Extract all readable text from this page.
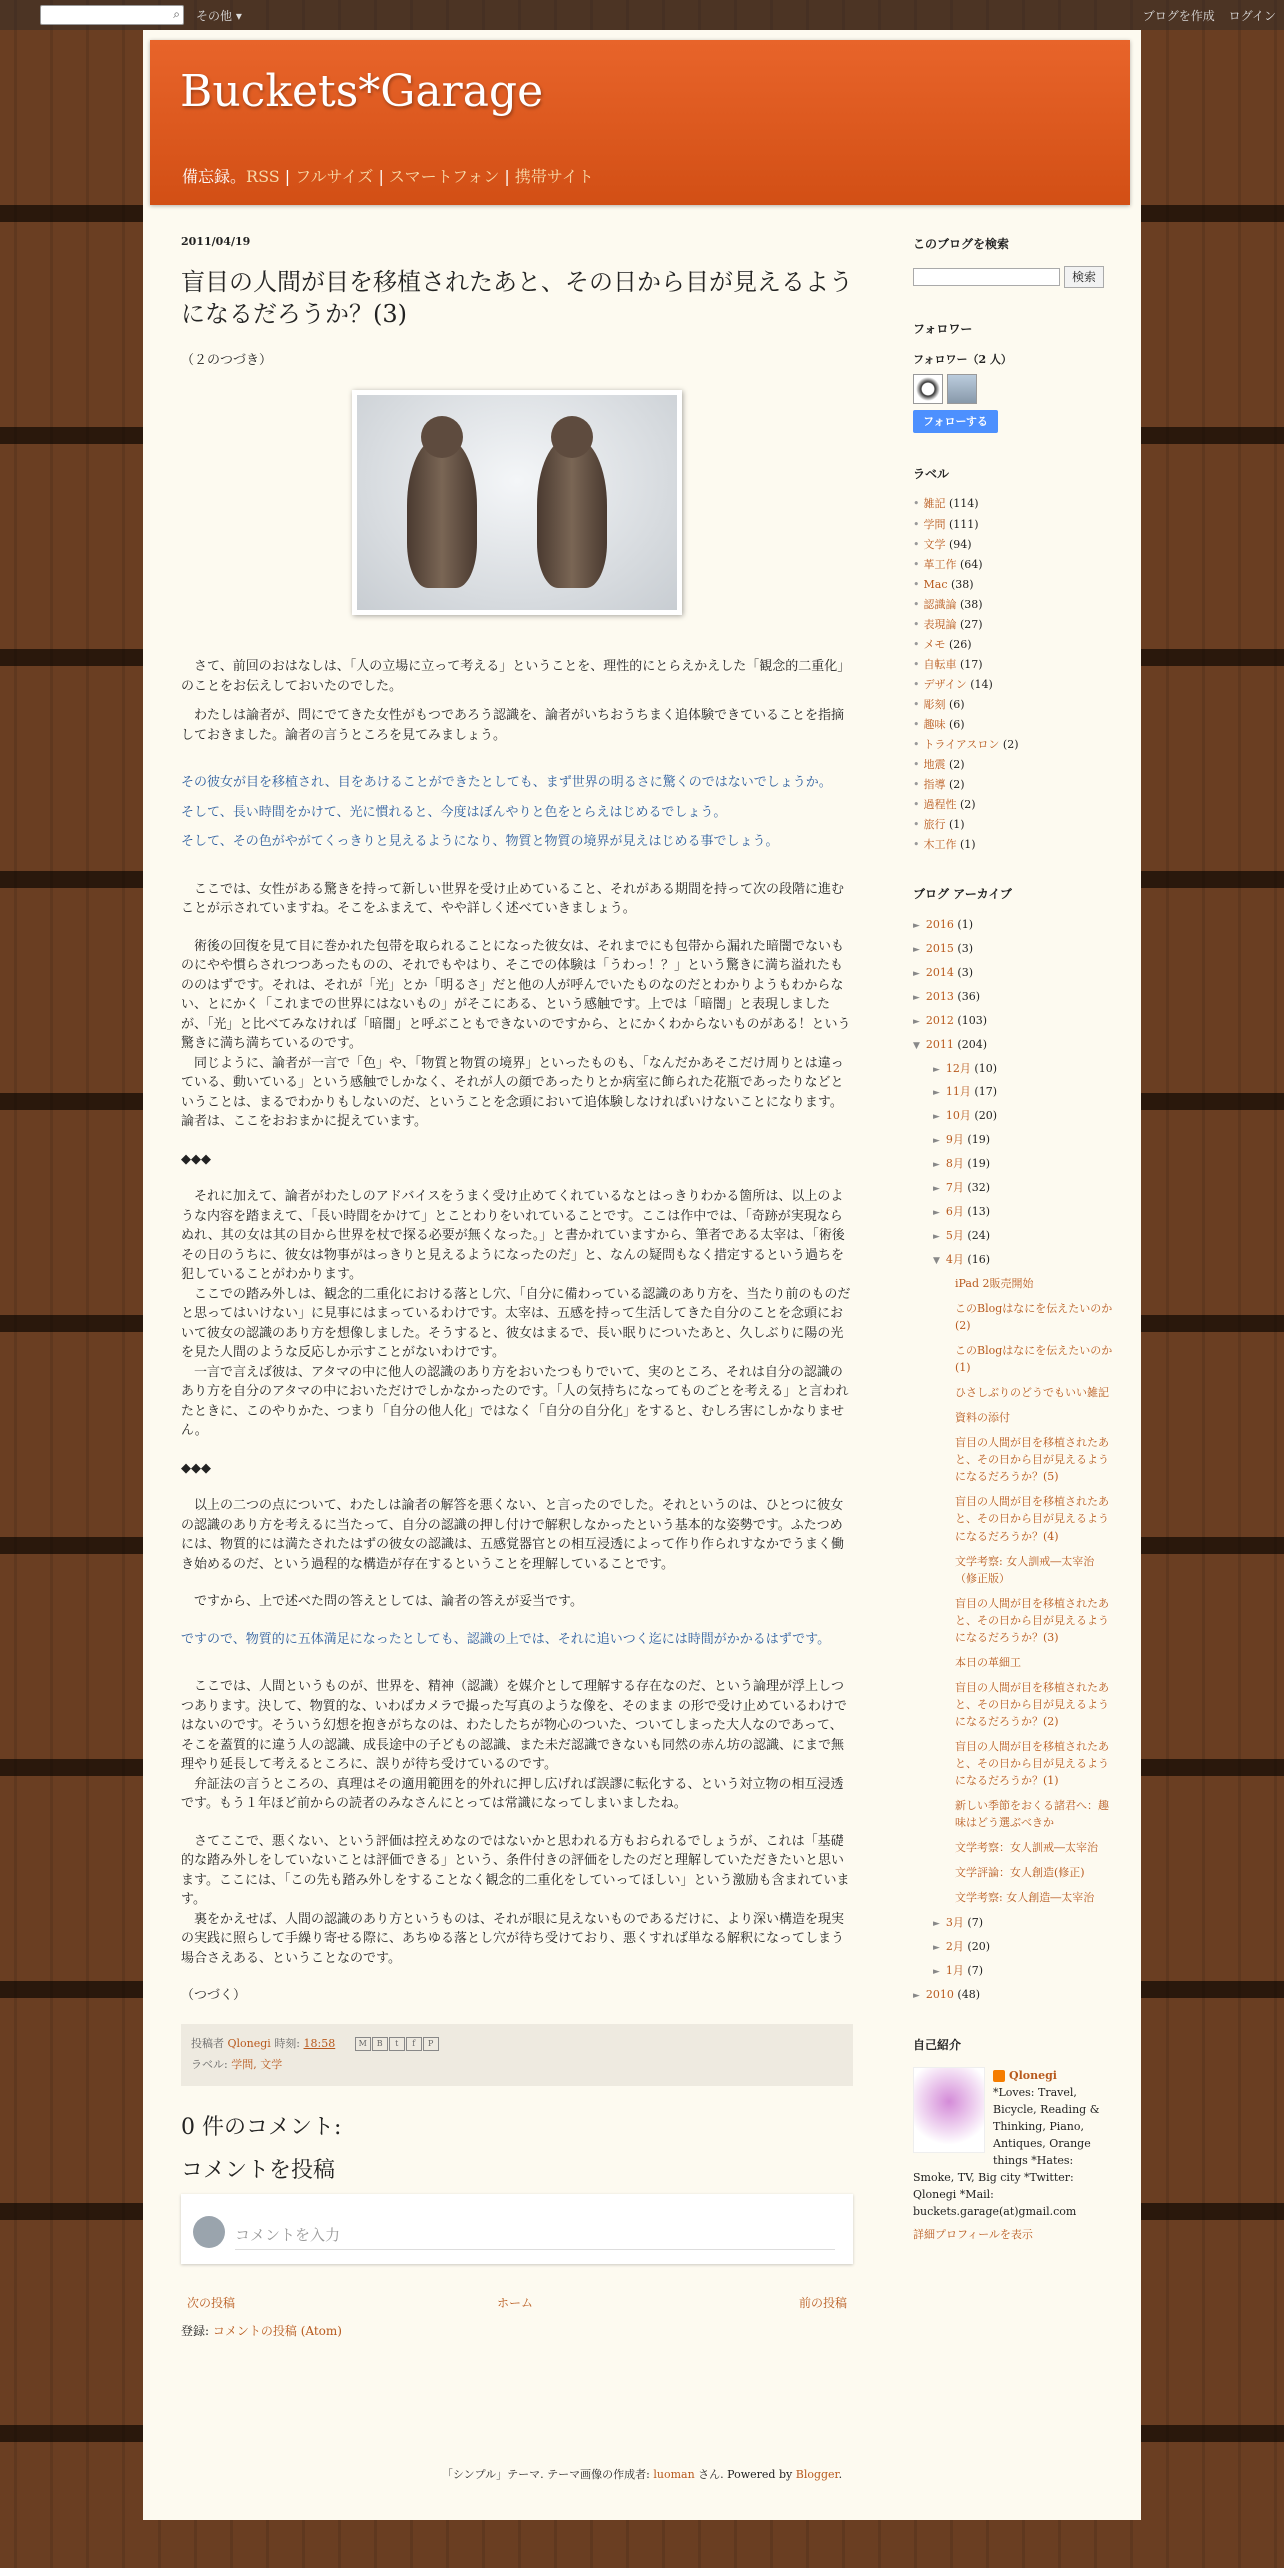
⌕ その他 ▾	ブログを作成 ログイン
Buckets*Garage
備忘録。RSS | フルサイズ | スマートフォン | 携帯サイト
2011/04/19
盲目の人間が目を移植されたあと、その日から目が見えるようになるだろうか？(3)

（２のつづき）

　さて、前回のおはなしは、「人の立場に立って考える」ということを、理性的にとらえかえした「観念的二重化」のことをお伝えしておいたのでした。

　わたしは論者が、問にでてきた女性がもつであろう認識を、論者がいちおうちまく追体験できていることを指摘しておきました。論者の言うところを見てみましょう。

その彼女が目を移植され、目をあけることができたとしても、まず世界の明るさに驚くのではないでしょうか。

そして、長い時間をかけて、光に慣れると、今度はぼんやりと色をとらえはじめるでしょう。

そして、その色がやがてくっきりと見えるようになり、物質と物質の境界が見えはじめる事でしょう。

　ここでは、女性がある驚きを持って新しい世界を受け止めていること、それがある期間を持って次の段階に進むことが示されていますね。そこをふまえて、やや詳しく述べていきましょう。

　術後の回復を見て目に巻かれた包帯を取られることになった彼女は、それまでにも包帯から漏れた暗闇でないものにやや慣らされつつあったものの、それでもやはり、そこでの体験は「うわっ！？」という驚きに満ち溢れたもののはずです。それは、それが「光」とか「明るさ」だと他の人が呼んでいたものなのだとわかりようもわからない、とにかく「これまでの世界にはないもの」がそこにある、という感触です。上では「暗闇」と表現しましたが、「光」と比べてみなければ「暗闇」と呼ぶこともできないのですから、とにかくわからないものがある！という驚きに満ち満ちているのです。

　同じように、論者が一言で「色」や、「物質と物質の境界」といったものも、「なんだかあそこだけ周りとは違っている、動いている」という感触でしかなく、それが人の顔であったりとか病室に飾られた花瓶であったりなどということは、まるでわかりもしないのだ、ということを念頭において追体験しなければいけないことになります。論者は、ここをおおまかに捉えています。

◆◆◆

　それに加えて、論者がわたしのアドバイスをうまく受け止めてくれているなとはっきりわかる箇所は、以上のような内容を踏まえて、「長い時間をかけて」とことわりをいれていることです。ここは作中では、「奇跡が実現ならぬれ、其の女は其の目から世界を杖で探る必要が無くなった。」と書かれていますから、筆者である太宰は、「術後その日のうちに、彼女は物事がはっきりと見えるようになったのだ」と、なんの疑問もなく措定するという過ちを犯していることがわかります。

　ここでの踏み外しは、観念的二重化における落とし穴、「自分に備わっている認識のあり方を、当たり前のものだと思ってはいけない」に見事にはまっているわけです。太宰は、五感を持って生活してきた自分のことを念頭において彼女の認識のあり方を想像しました。そうすると、彼女はまるで、長い眠りについたあと、久しぶりに陽の光を見た人間のような反応しか示すことがないわけです。

　一言で言えば彼は、アタマの中に他人の認識のあり方をおいたつもりでいて、実のところ、それは自分の認識のあり方を自分のアタマの中においただけでしかなかったのです。「人の気持ちになってものごとを考える」と言われたときに、このやりかた、つまり「自分の他人化」ではなく「自分の自分化」をすると、むしろ害にしかなりません。

◆◆◆

　以上の二つの点について、わたしは論者の解答を悪くない、と言ったのでした。それというのは、ひとつに彼女の認識のあり方を考えるに当たって、自分の認識の押し付けで解釈しなかったという基本的な姿勢です。ふたつめには、物質的には満たされたはずの彼女の認識は、五感覚器官との相互浸透によって作り作られすなかでうまく働き始めるのだ、という過程的な構造が存在するということを理解していることです。

　ですから、上で述べた問の答えとしては、論者の答えが妥当です。

ですので、物質的に五体満足になったとしても、認識の上では、それに追いつく迄には時間がかかるはずです。

　ここでは、人間というものが、世界を、精神（認識）を媒介として理解する存在なのだ、という論理が浮上しつつあります。決して、物質的な、いわばカメラで撮った写真のような像を、そのまま の形で受け止めているわけではないのです。そういう幻想を抱きがちなのは、わたしたちが物心のついた、ついてしまった大人なのであって、そこを蓋質的に違う人の認識、成長途中の子どもの認識、また未だ認識できないも同然の赤ん坊の認識、にまで無理やり延長して考えるところに、誤りが待ち受けているのです。

　弁証法の言うところの、真理はその適用範囲を的外れに押し広げれば誤謬に転化する、という対立物の相互浸透です。もう１年ほど前からの読者のみなさんにとっては常識になってしまいましたね。

　さてここで、悪くない、という評価は控えめなのではないかと思われる方もおられるでしょうが、これは「基礎的な踏み外しをしていないことは評価できる」という、条件付きの評価をしたのだと理解していただきたいと思います。ここには、「この先も踏み外しをすることなく観念的二重化をしていってほしい」という激励も含まれています。

　裏をかえせば、人間の認識のあり方というものは、それが眼に見えないものであるだけに、より深い構造を現実の実践に照らして手繰り寄せる際に、あちゆる落とし穴が待ち受けており、悪くすれば単なる解釈になってしまう場合さえある、ということなのです。

（つづく）

投稿者 Qlonegi 時刻: 18:58	M B t f P
ラベル: 学問, 文学
0 件のコメント:
コメントを投稿
コメントを入力
次の投稿	ホーム	前の投稿
登録: コメントの投稿 (Atom)
このブログを検索
検索
フォロワー
フォロワー（2 人）
フォローする
ラベル
• 雑記 (114)
• 学問 (111)
• 文学 (94)
• 革工作 (64)
• Mac (38)
• 認識論 (38)
• 表現論 (27)
• メモ (26)
• 自転車 (17)
• デザイン (14)
• 彫刻 (6)
• 趣味 (6)
• トライアスロン (2)
• 地震 (2)
• 指導 (2)
• 過程性 (2)
• 旅行 (1)
• 木工作 (1)
ブログ アーカイブ
► 2016 (1)
► 2015 (3)
► 2014 (3)
► 2013 (36)
► 2012 (103)
▼ 2011 (204)
► 12月 (10)
► 11月 (17)
► 10月 (20)
► 9月 (19)
► 8月 (19)
► 7月 (32)
► 6月 (13)
► 5月 (24)
▼ 4月 (16)
iPad 2販売開始
このBlogはなにを伝えたいのか(2)
このBlogはなにを伝えたいのか(1)
ひさしぶりのどうでもいい雑記
資料の添付
盲目の人間が目を移植されたあと、その日から目が見えるようになるだろうか？(5)
盲目の人間が目を移植されたあと、その日から目が見えるようになるだろうか？(4)
文学考察: 女人訓戒―太宰治（修正版）
盲目の人間が目を移植されたあと、その日から目が見えるようになるだろうか？(3)
本日の革細工
盲目の人間が目を移植されたあと、その日から目が見えるようになるだろうか？(2)
盲目の人間が目を移植されたあと、その日から目が見えるようになるだろうか？(1)
新しい季節をおくる諸君へ：趣味はどう選ぶべきか
文学考察：女人訓戒―太宰治
文学評論：女人創造(修正)
文学考察: 女人創造―太宰治
► 3月 (7)
► 2月 (20)
► 1月 (7)
► 2010 (48)
自己紹介
Qlonegi
*Loves: Travel, Bicycle, Reading & Thinking, Piano, Antiques, Orange things *Hates: Smoke, TV, Big city *Twitter: Qlonegi *Mail: buckets.garage(at)gmail.com
詳細プロフィールを表示
「シンプル」テーマ. テーマ画像の作成者: luoman さん. Powered by Blogger.
